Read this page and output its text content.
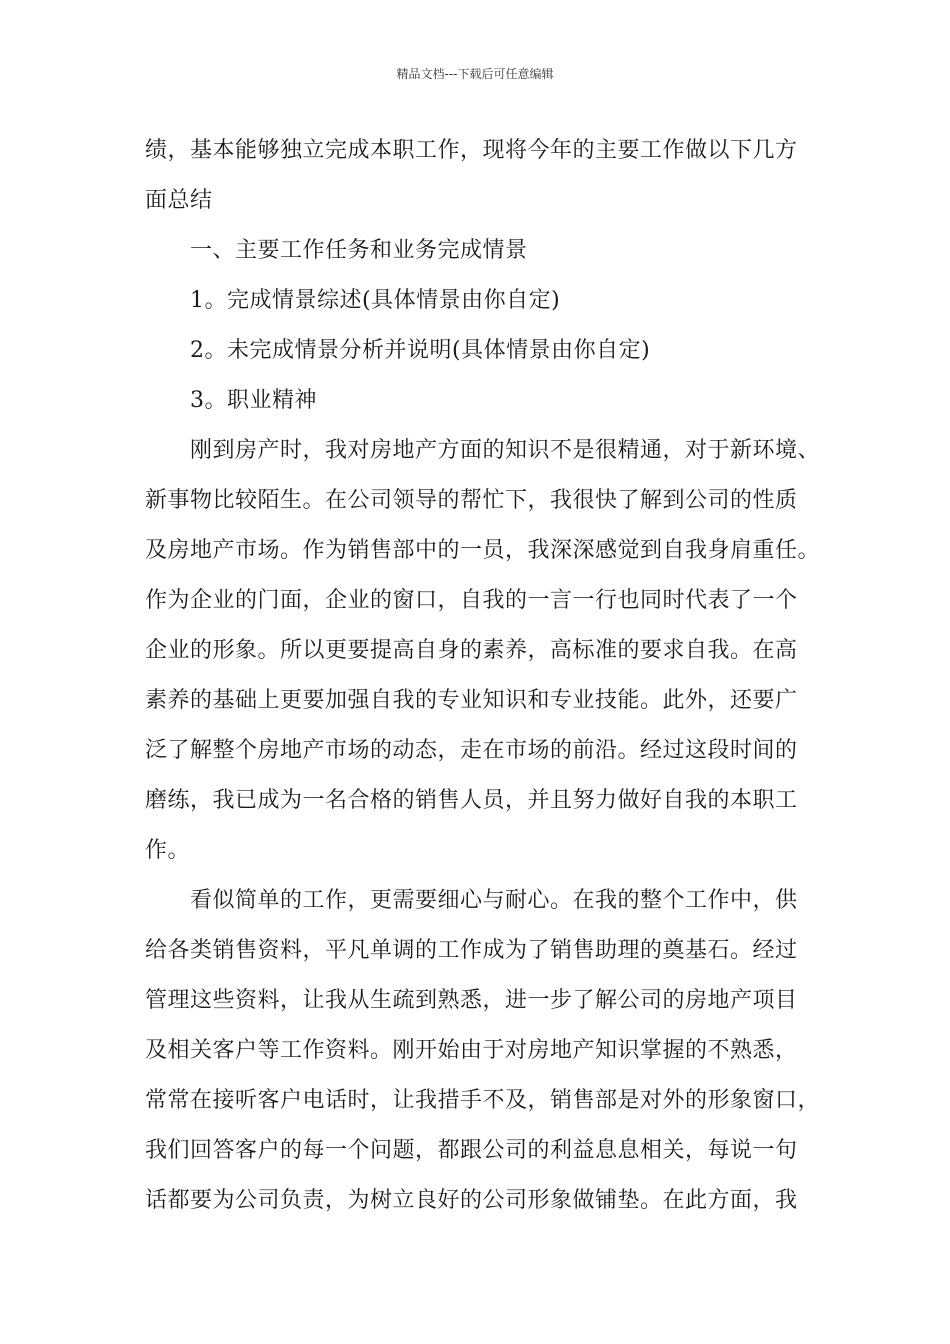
精品文档---下载后可任意编辑
绩，基本能够独立完成本职工作，现将今年的主要工作做以下几方
面总结
　　一、主要工作任务和业务完成情景
　　1。完成情景综述(具体情景由你自定)
　　2。未完成情景分析并说明(具体情景由你自定)
　　3。职业精神
　　刚到房产时，我对房地产方面的知识不是很精通，对于新环境、
新事物比较陌生。在公司领导的帮忙下，我很快了解到公司的性质
及房地产市场。作为销售部中的一员，我深深感觉到自我身肩重任。
作为企业的门面，企业的窗口，自我的一言一行也同时代表了一个
企业的形象。所以更要提高自身的素养，高标准的要求自我。在高
素养的基础上更要加强自我的专业知识和专业技能。此外，还要广
泛了解整个房地产市场的动态，走在市场的前沿。经过这段时间的
磨练，我已成为一名合格的销售人员，并且努力做好自我的本职工
作。
　　看似简单的工作，更需要细心与耐心。在我的整个工作中，供
给各类销售资料，平凡单调的工作成为了销售助理的奠基石。经过
管理这些资料，让我从生疏到熟悉，进一步了解公司的房地产项目
及相关客户等工作资料。刚开始由于对房地产知识掌握的不熟悉，
常常在接听客户电话时，让我措手不及，销售部是对外的形象窗口，
我们回答客户的每一个问题，都跟公司的利益息息相关，每说一句
话都要为公司负责，为树立良好的公司形象做铺垫。在此方面，我
